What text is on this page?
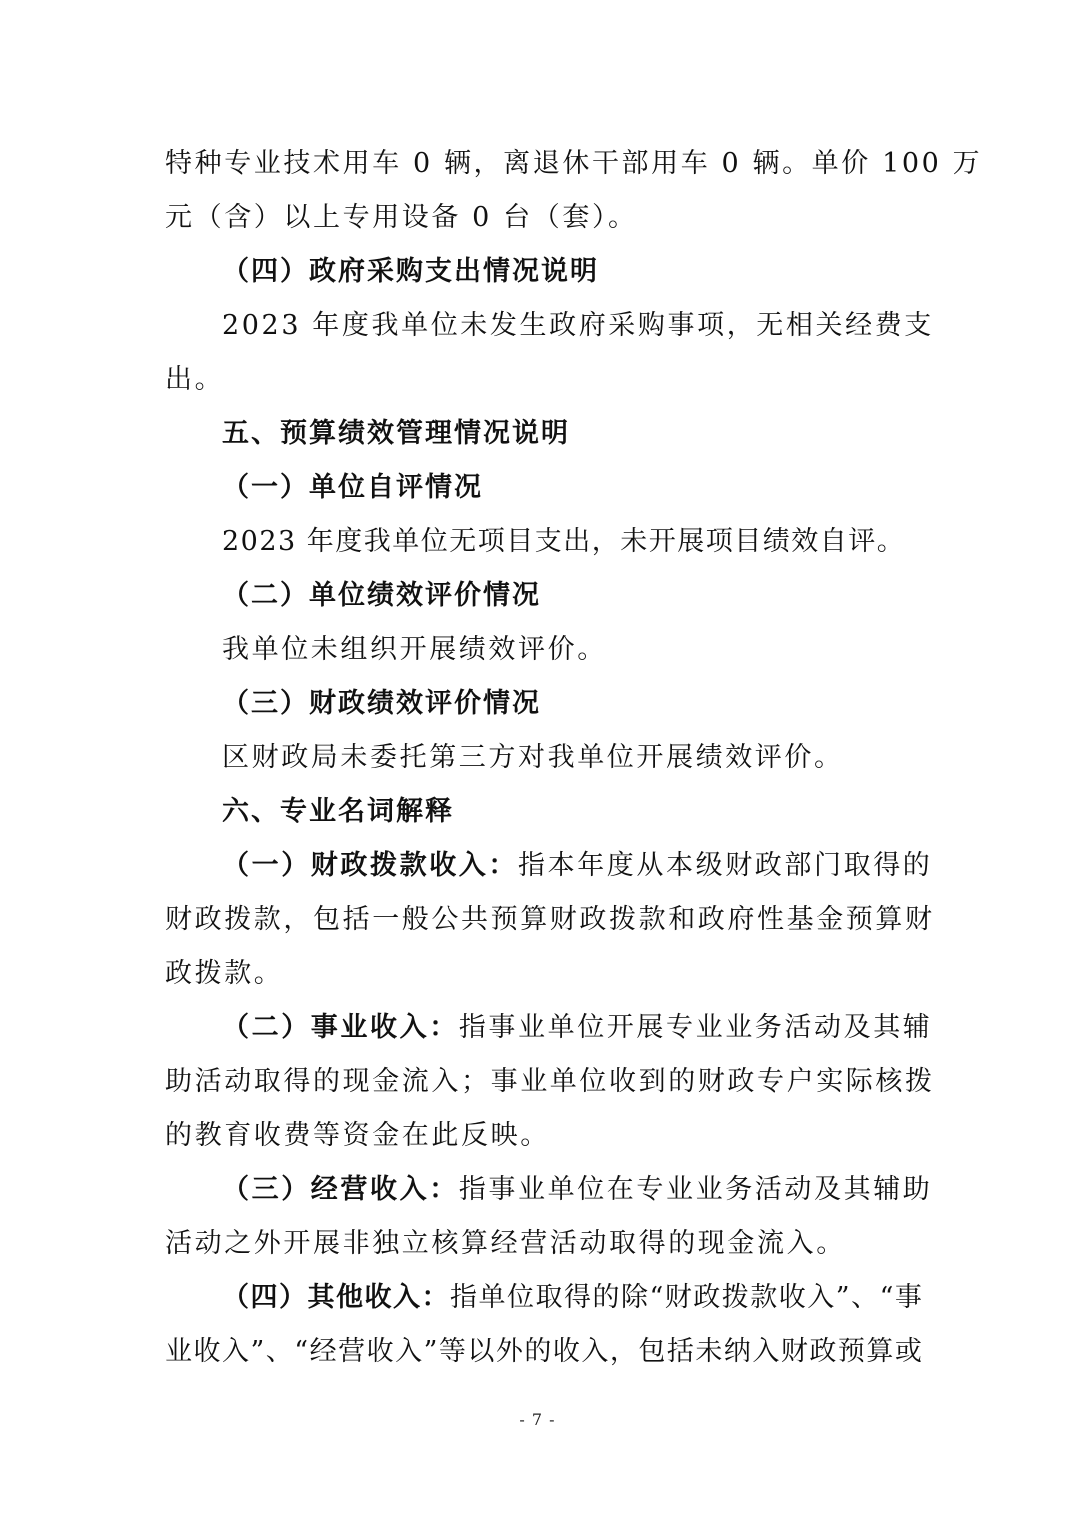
特种专业技术用车 0 辆，离退休干部用车 0 辆。单价 100 万
元（含）以上专用设备 0 台（套）。
（四）政府采购支出情况说明
2023 年度我单位未发生政府采购事项，无相关经费支
出。
五、预算绩效管理情况说明
（一）单位自评情况
2023 年度我单位无项目支出，未开展项目绩效自评。
（二）单位绩效评价情况
我单位未组织开展绩效评价。
（三）财政绩效评价情况
区财政局未委托第三方对我单位开展绩效评价。
六、专业名词解释
（一）财政拨款收入：指本年度从本级财政部门取得的
财政拨款，包括一般公共预算财政拨款和政府性基金预算财
政拨款。
（二）事业收入：指事业单位开展专业业务活动及其辅
助活动取得的现金流入；事业单位收到的财政专户实际核拨
的教育收费等资金在此反映。
（三）经营收入：指事业单位在专业业务活动及其辅助
活动之外开展非独立核算经营活动取得的现金流入。
（四）其他收入：指单位取得的除“财政拨款收入”、“事
业收入”、“经营收入”等以外的收入，包括未纳入财政预算或
- 7 -
